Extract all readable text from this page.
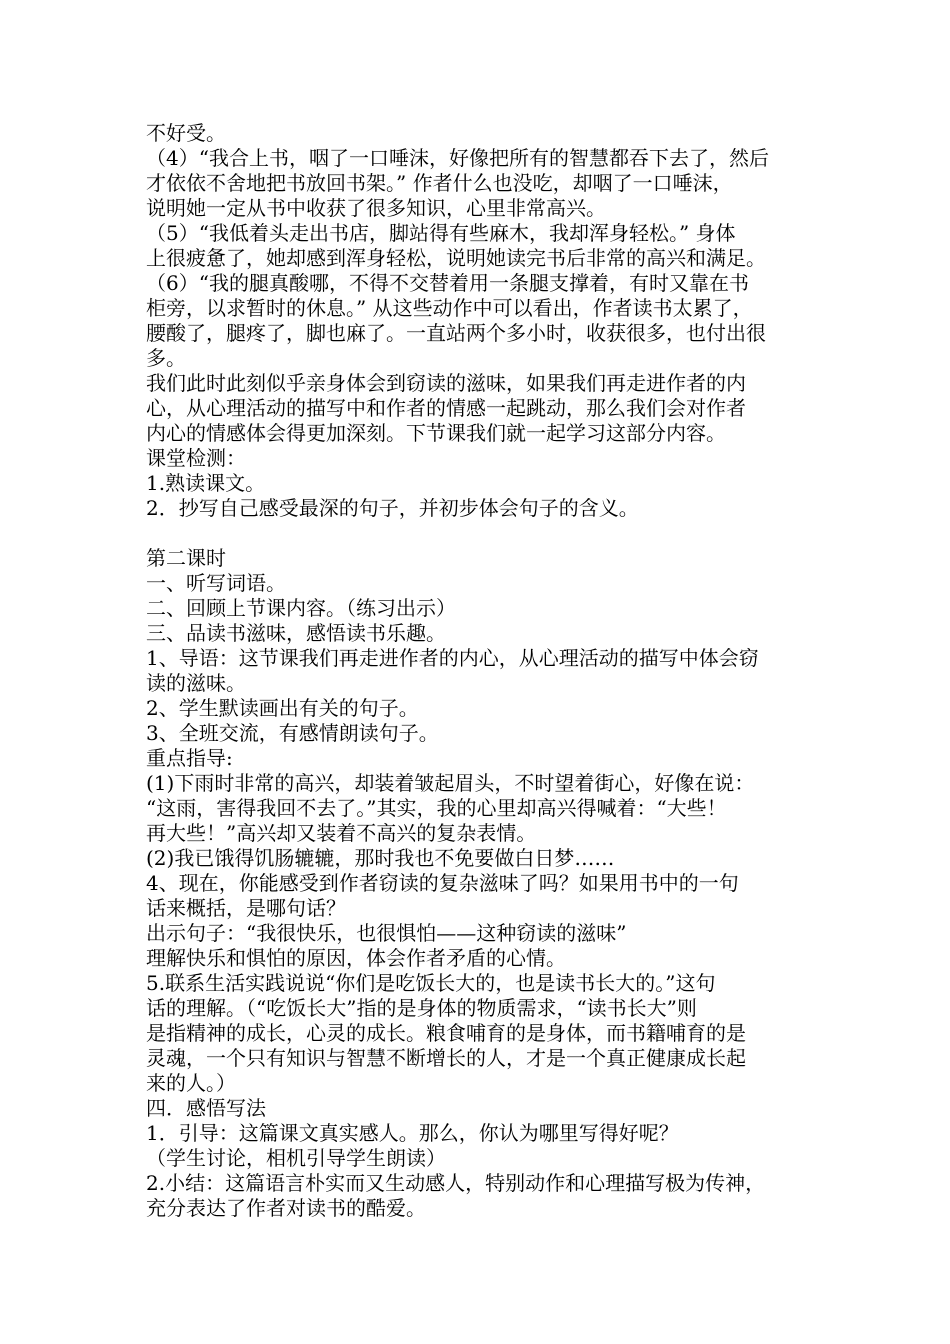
不好受。
（4）“我合上书，咽了一口唾沫，好像把所有的智慧都吞下去了，然后
才依依不舍地把书放回书架。” 作者什么也没吃，却咽了一口唾沫，
说明她一定从书中收获了很多知识，心里非常高兴。
（5）“我低着头走出书店，脚站得有些麻木，我却浑身轻松。” 身体
上很疲惫了，她却感到浑身轻松，说明她读完书后非常的高兴和满足。
（6）“我的腿真酸哪，不得不交替着用一条腿支撑着，有时又靠在书
柜旁，以求暂时的休息。” 从这些动作中可以看出，作者读书太累了，
腰酸了，腿疼了，脚也麻了。一直站两个多小时，收获很多，也付出很
多。
我们此时此刻似乎亲身体会到窃读的滋味，如果我们再走进作者的内
心，从心理活动的描写中和作者的情感一起跳动，那么我们会对作者
内心的情感体会得更加深刻。下节课我们就一起学习这部分内容。
课堂检测：
1.熟读课文。
2．抄写自己感受最深的句子，并初步体会句子的含义。
第二课时
一、听写词语。
二、回顾上节课内容。（练习出示）
三、品读书滋味，感悟读书乐趣。
1、导语：这节课我们再走进作者的内心，从心理活动的描写中体会窃
读的滋味。
2、学生默读画出有关的句子。
3、全班交流，有感情朗读句子。
重点指导:
(1)下雨时非常的高兴，却装着皱起眉头，不时望着街心，好像在说：
“这雨，害得我回不去了。”其实，我的心里却高兴得喊着：“大些！
再大些！”高兴却又装着不高兴的复杂表情。
(2)我已饿得饥肠辘辘，那时我也不免要做白日梦……
4、现在，你能感受到作者窃读的复杂滋味了吗？如果用书中的一句
话来概括，是哪句话？
出示句子：“我很快乐，也很惧怕——这种窃读的滋味”
理解快乐和惧怕的原因，体会作者矛盾的心情。
5.联系生活实践说说“你们是吃饭长大的，也是读书长大的。”这句
话的理解。（“吃饭长大”指的是身体的物质需求，“读书长大”则
是指精神的成长，心灵的成长。粮食哺育的是身体，而书籍哺育的是
灵魂，一个只有知识与智慧不断增长的人，才是一个真正健康成长起
来的人。）
四．感悟写法
1．引导：这篇课文真实感人。那么，你认为哪里写得好呢？
（学生讨论，相机引导学生朗读）
2.小结：这篇语言朴实而又生动感人，特别动作和心理描写极为传神，
充分表达了作者对读书的酷爱。
